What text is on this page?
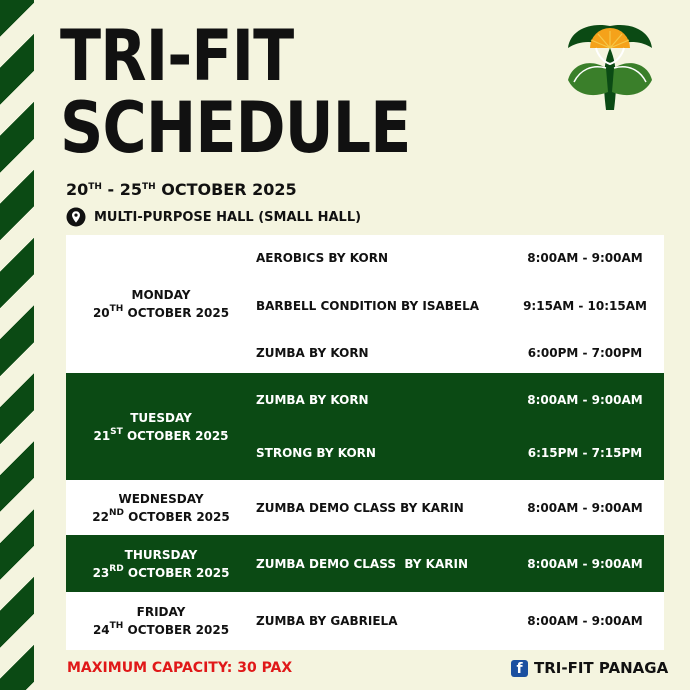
TRI-FIT
SCHEDULE
20TH - 25TH OCTOBER 2025
MULTI-PURPOSE HALL (SMALL HALL)
MONDAY
20TH OCTOBER 2025	AEROBICS BY KORN	8:00AM - 9:00AM
	BARBELL CONDITION BY ISABELA	9:15AM - 10:15AM
	ZUMBA BY KORN	6:00PM - 7:00PM

TUESDAY
21ST OCTOBER 2025	ZUMBA BY KORN	8:00AM - 9:00AM
	STRONG BY KORN	6:15PM - 7:15PM

WEDNESDAY
22ND OCTOBER 2025	ZUMBA DEMO CLASS BY KARIN	8:00AM - 9:00AM

THURSDAY
23RD OCTOBER 2025	ZUMBA DEMO CLASS  BY KARIN	8:00AM - 9:00AM

FRIDAY
24TH OCTOBER 2025	ZUMBA BY GABRIELA	8:00AM - 9:00AM
MAXIMUM CAPACITY: 30 PAX	f TRI-FIT PANAGA
